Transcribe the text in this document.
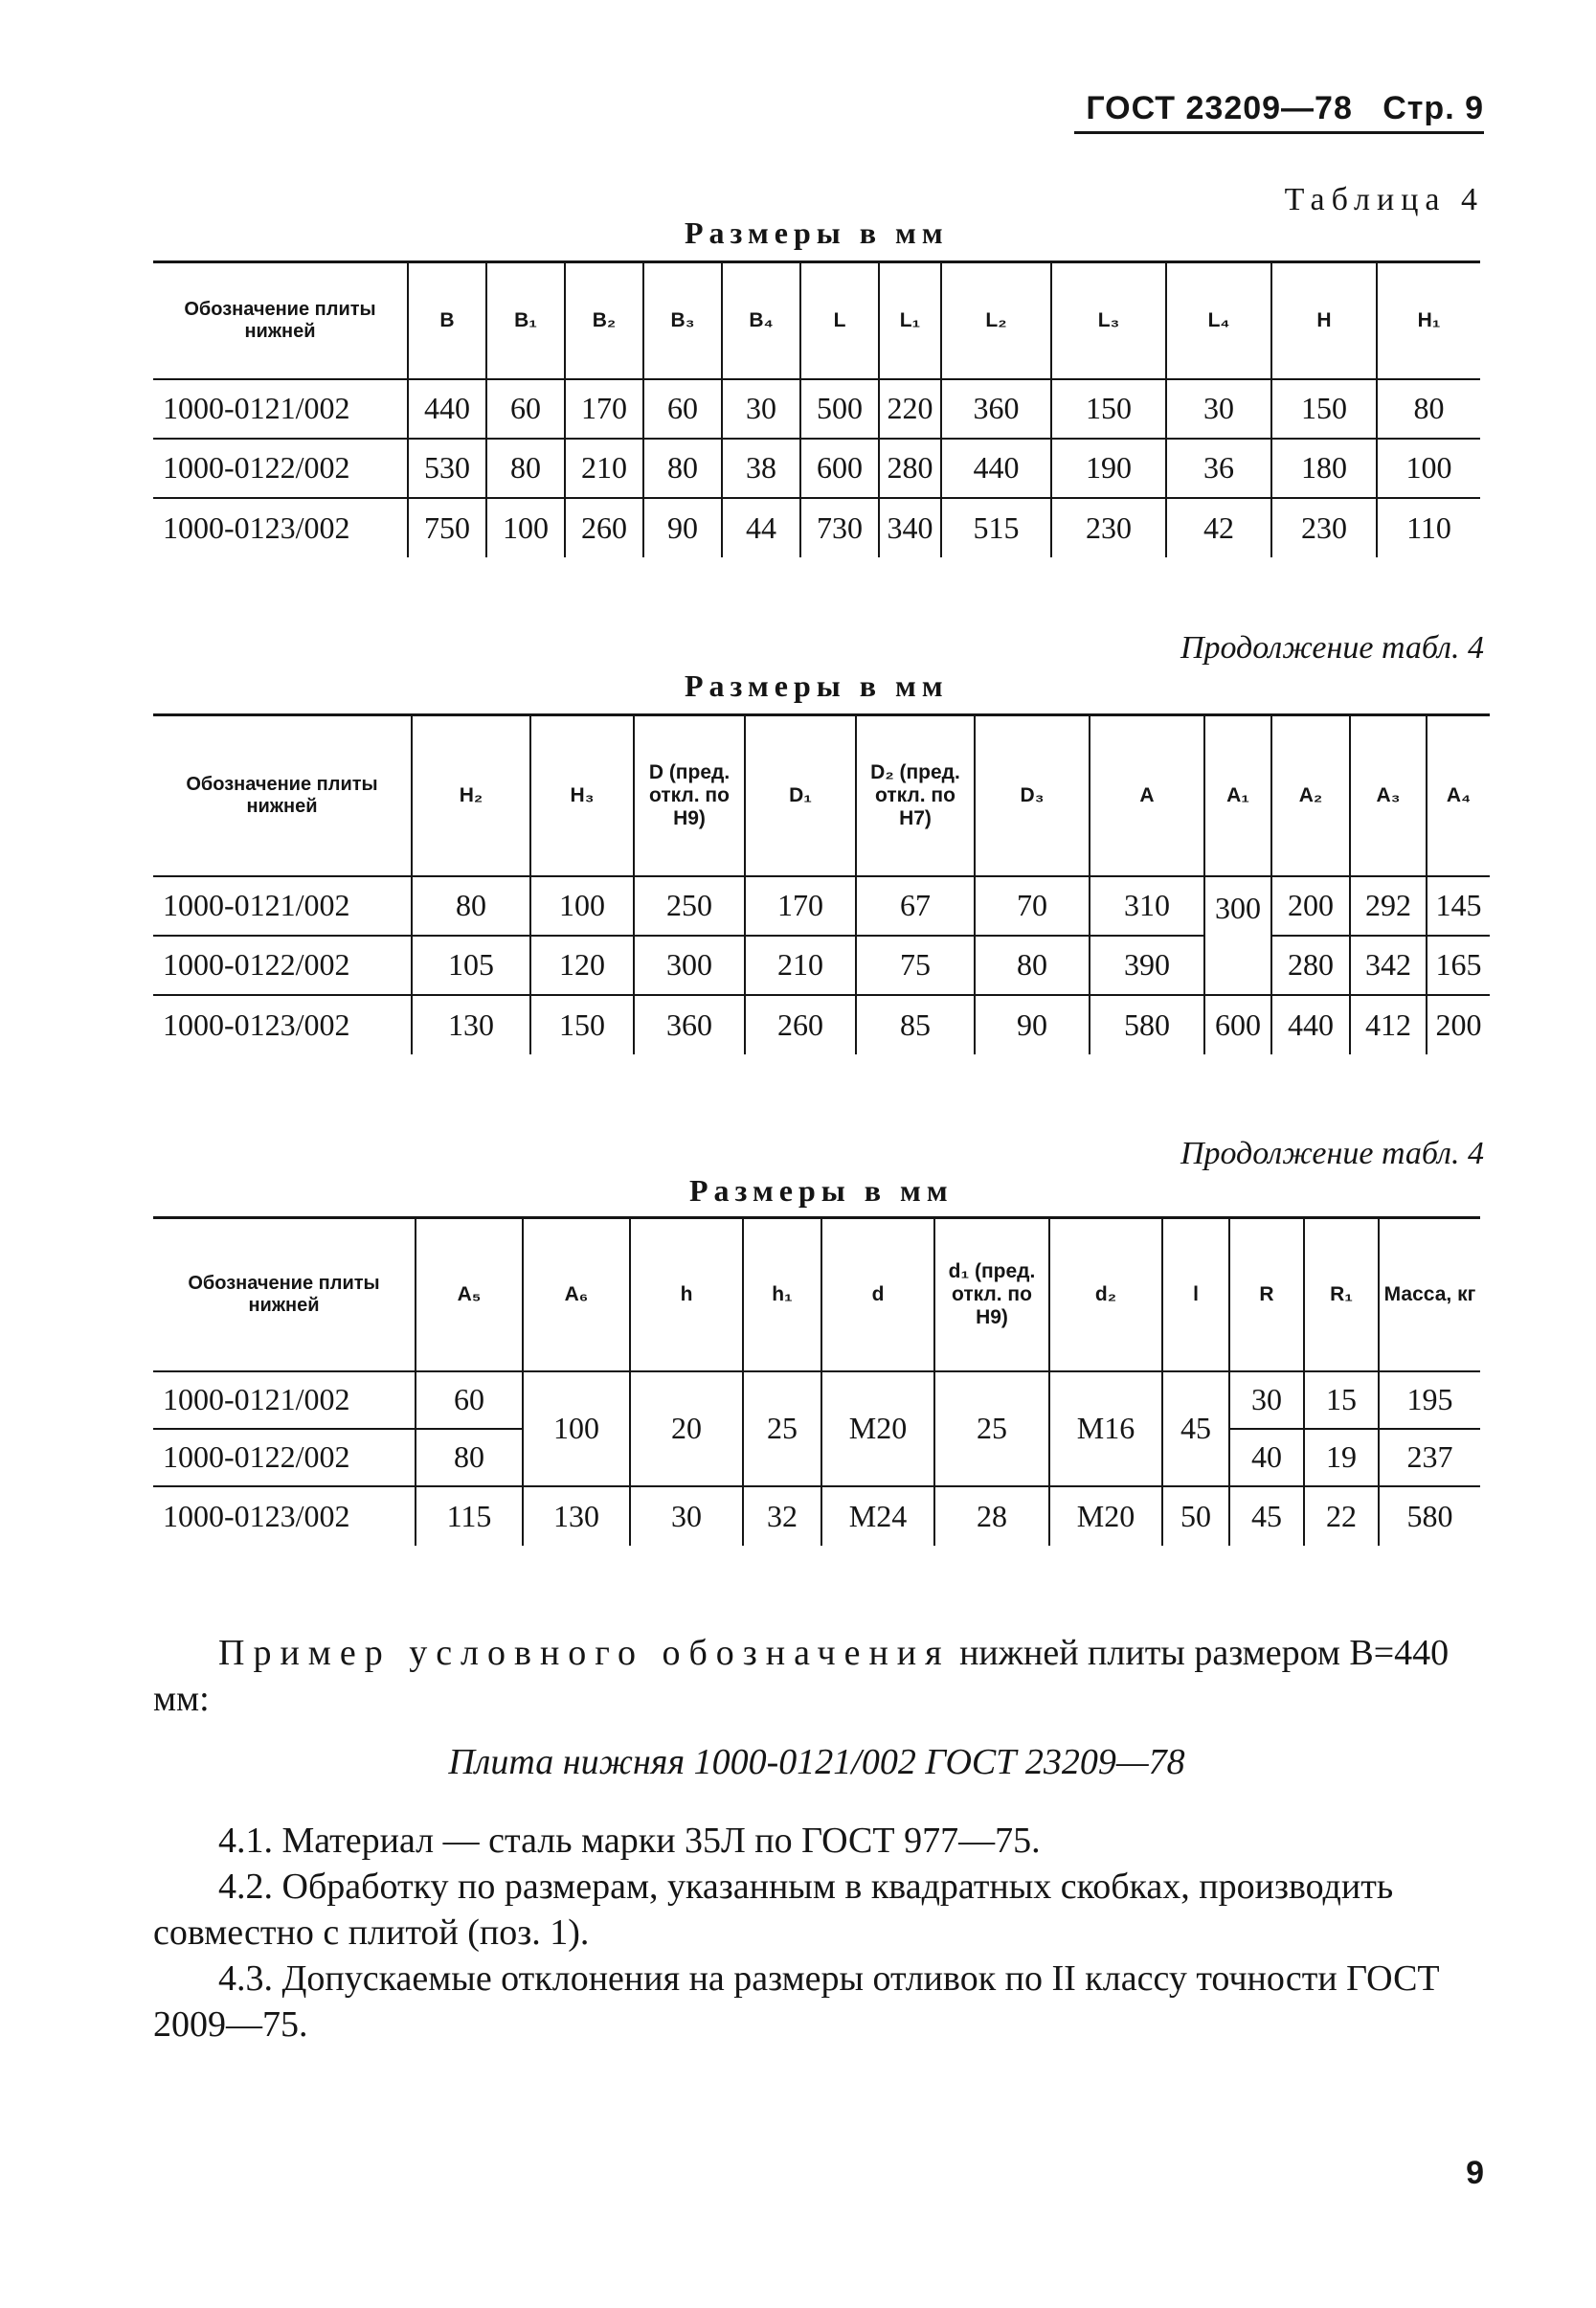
ГОСТ 23209—78 Стр. 9
Таблица 4
Размеры в мм
Обозначение плиты нижней	B	B₁	B₂	B₃	B₄	L	L₁	L₂	L₃	L₄	H	H₁
1000-0121/002	440	60	170	60	30	500	220	360	150	30	150	80
1000-0122/002	530	80	210	80	38	600	280	440	190	36	180	100
1000-0123/002	750	100	260	90	44	730	340	515	230	42	230	110
Продолжение табл. 4
Размеры в мм
Обозначение плиты нижней	H₂	H₃	D (пред. откл. по H9)	D₁	D₂ (пред. откл. по H7)	D₃	A	A₁	A₂	A₃	A₄
1000-0121/002	80	100	250	170	67	70	310	300	200	292	145
1000-0122/002	105	120	300	210	75	80	390		280	342	165
1000-0123/002	130	150	360	260	85	90	580	600	440	412	200
Продолжение табл. 4
Размеры в мм
Обозначение плиты нижней	A₅	A₆	h	h₁	d	d₁ (пред. откл. по H9)	d₂	l	R	R₁	Масса, кг
1000-0121/002	60	100	20	25	M20	25	M16	45	30	15	195
1000-0122/002	80								40	19	237
1000-0123/002	115	130	30	32	M24	28	M20	50	45	22	580

Пример условного обозначения нижней плиты размером B=440 мм:

Плита нижняя 1000-0121/002 ГОСТ 23209—78

4.1. Материал — сталь марки 35Л по ГОСТ 977—75.

4.2. Обработку по размерам, указанным в квадратных скобках, производить совместно с плитой (поз. 1).

4.3. Допускаемые отклонения на размеры отливок по II классу точности ГОСТ 2009—75.

9
